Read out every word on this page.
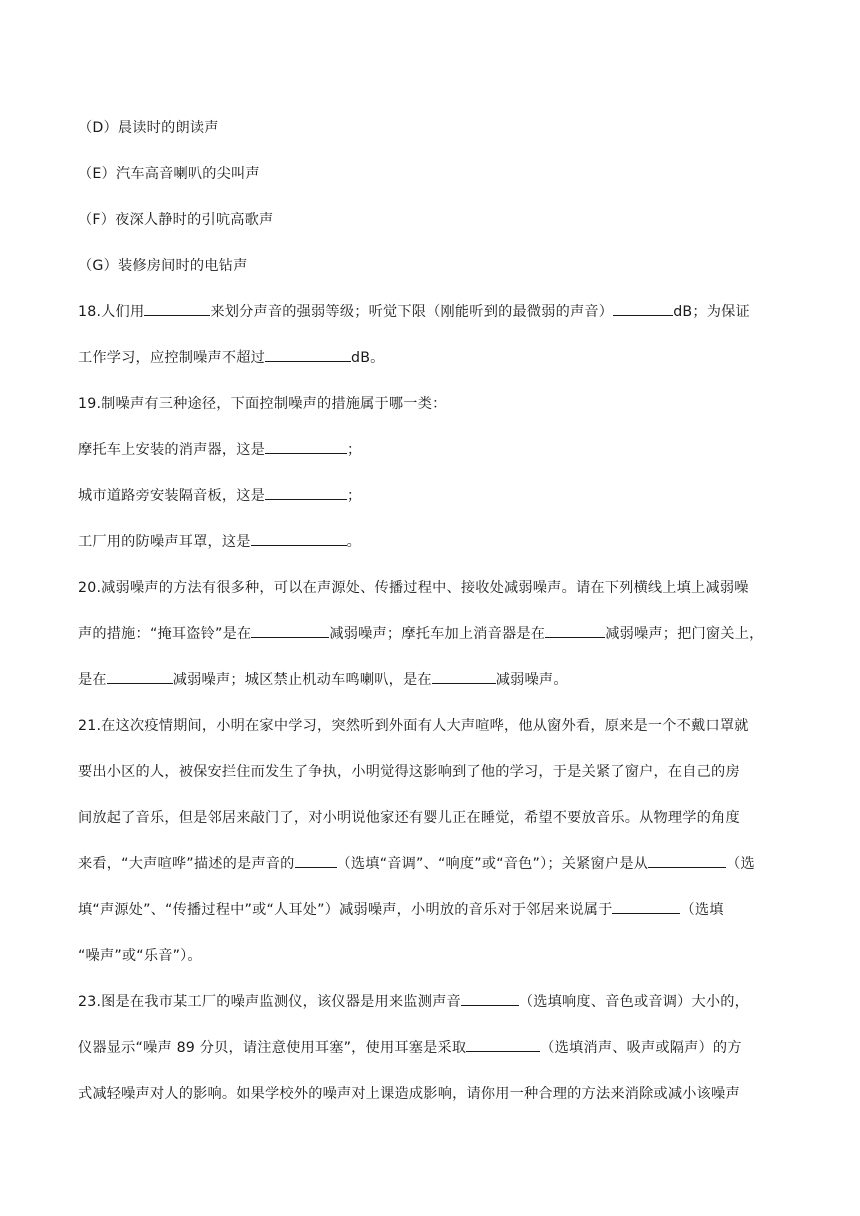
（D）晨读时的朗读声
（E）汽车高音喇叭的尖叫声
（F）夜深人静时的引吭高歌声
（G）装修房间时的电钻声
18.人们用	来划分声音的强弱等级；听觉下限（刚能听到的最微弱的声音）	dB；为保证
工作学习，应控制噪声不超过	dB。
19.制噪声有三种途径，下面控制噪声的措施属于哪一类：
摩托车上安装的消声器，这是	；
城市道路旁安装隔音板，这是	；
工厂用的防噪声耳罩，这是	。
20.减弱噪声的方法有很多种，可以在声源处、传播过程中、接收处减弱噪声。请在下列横线上填上减弱噪
声的措施：“掩耳盗铃”是在	减弱噪声；摩托车加上消音器是在	减弱噪声；把门窗关上，
是在	减弱噪声；城区禁止机动车鸣喇叭，是在	减弱噪声。
21.在这次疫情期间，小明在家中学习，突然听到外面有人大声喧哗，他从窗外看，原来是一个不戴口罩就
要出小区的人，被保安拦住而发生了争执，小明觉得这影响到了他的学习，于是关紧了窗户，在自己的房
间放起了音乐，但是邻居来敲门了，对小明说他家还有婴儿正在睡觉，希望不要放音乐。从物理学的角度
来看，“大声喧哗”描述的是声音的	（选填“音调”、“响度”或“音色”）；关紧窗户是从	（选
填“声源处”、“传播过程中”或“人耳处”）减弱噪声，小明放的音乐对于邻居来说属于	（选填
“噪声”或“乐音”）。
23.图是在我市某工厂的噪声监测仪，该仪器是用来监测声音	（选填响度、音色或音调）大小的，
仪器显示“噪声 89 分贝，请注意使用耳塞”，使用耳塞是采取	（选填消声、吸声或隔声）的方
式减轻噪声对人的影响。如果学校外的噪声对上课造成影响，请你用一种合理的方法来消除或减小该噪声
